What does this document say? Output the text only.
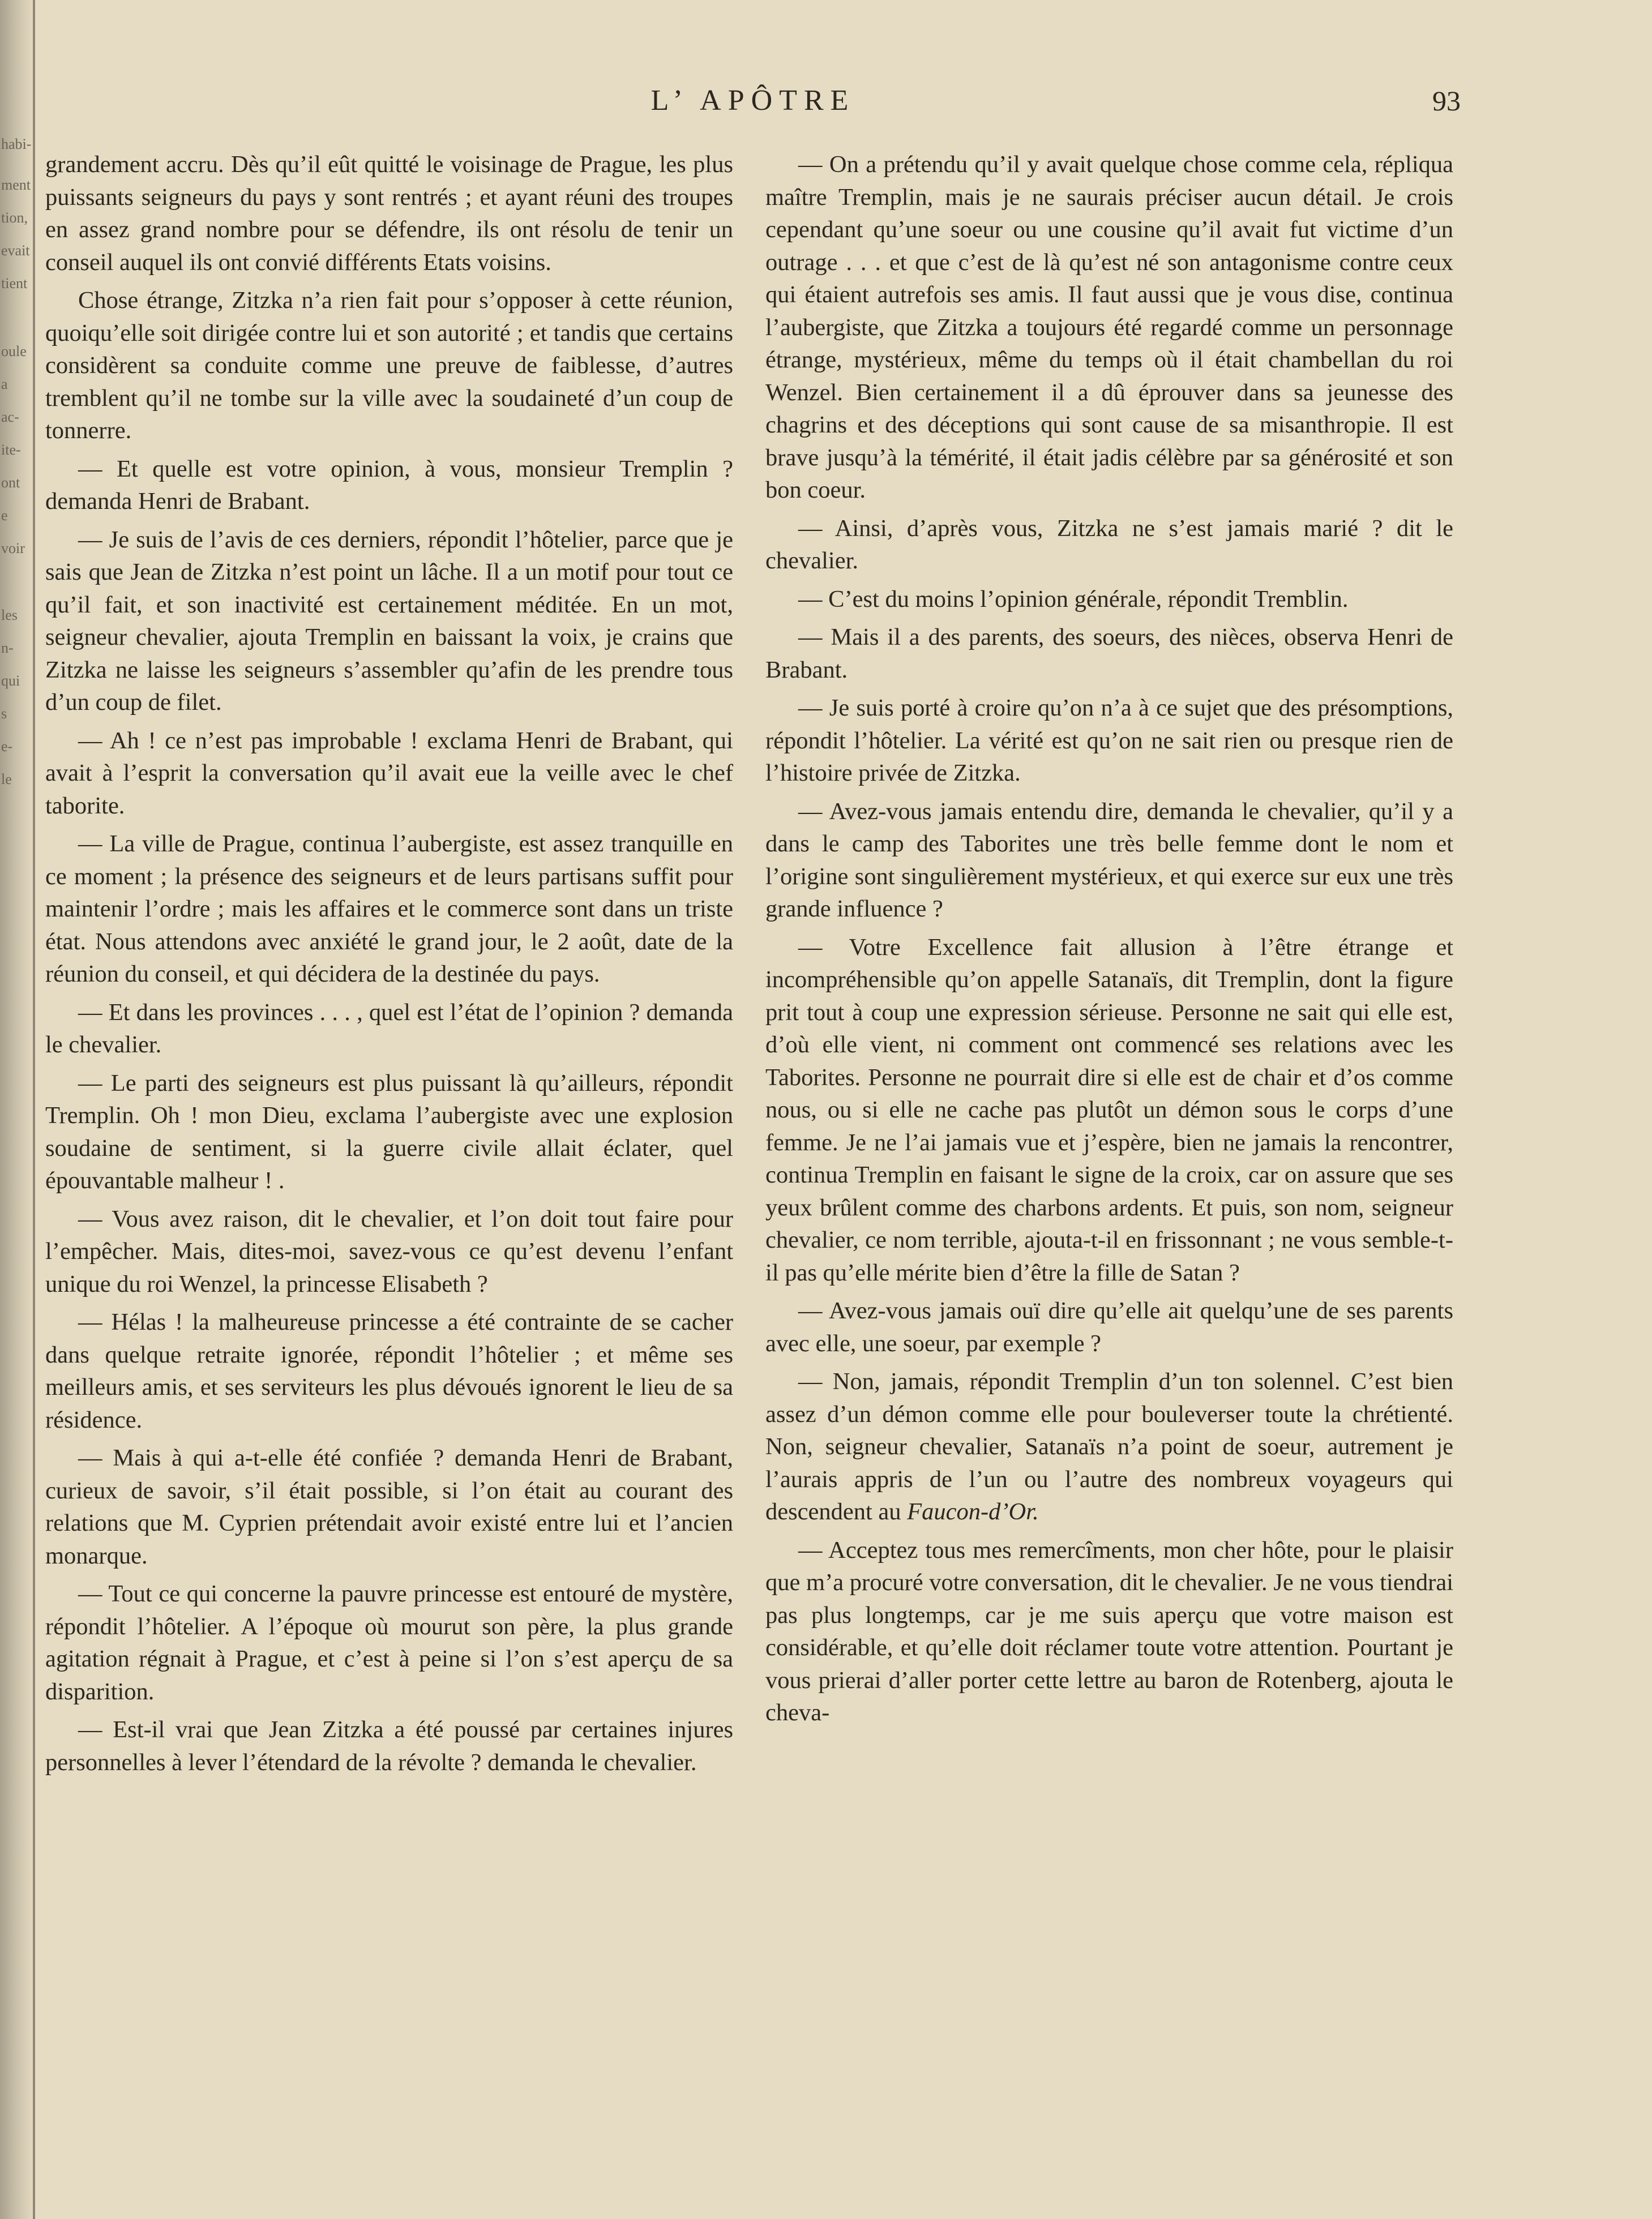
habi-
ment
tion,
evait
tient
oule
a
ac-
ite-
ont
e
voir
les
n-
qui
s
e-
le
L’ APÔTRE	93

grandement accru. Dès qu’il eût quitté le voisinage de Prague, les plus puissants seigneurs du pays y sont rentrés ; et ayant réuni des troupes en assez grand nombre pour se défendre, ils ont résolu de tenir un conseil auquel ils ont convié différents Etats voisins.

Chose étrange, Zitzka n’a rien fait pour s’opposer à cette réunion, quoiqu’elle soit dirigée contre lui et son autorité ; et tandis que certains considèrent sa conduite comme une preuve de faiblesse, d’autres tremblent qu’il ne tombe sur la ville avec la soudaineté d’un coup de tonnerre.

— Et quelle est votre opinion, à vous, monsieur Tremplin ? demanda Henri de Brabant.

— Je suis de l’avis de ces derniers, répondit l’hôtelier, parce que je sais que Jean de Zitzka n’est point un lâche. Il a un motif pour tout ce qu’il fait, et son inactivité est certainement méditée. En un mot, seigneur chevalier, ajouta Tremplin en baissant la voix, je crains que Zitzka ne laisse les seigneurs s’assembler qu’afin de les prendre tous d’un coup de filet.

— Ah ! ce n’est pas improbable ! exclama Henri de Brabant, qui avait à l’esprit la conversation qu’il avait eue la veille avec le chef taborite.

— La ville de Prague, continua l’aubergiste, est assez tranquille en ce moment ; la présence des seigneurs et de leurs partisans suffit pour maintenir l’ordre ; mais les affaires et le commerce sont dans un triste état. Nous attendons avec anxiété le grand jour, le 2 août, date de la réunion du conseil, et qui décidera de la destinée du pays.

— Et dans les provinces . . . , quel est l’état de l’opinion ? demanda le chevalier.

— Le parti des seigneurs est plus puissant là qu’ailleurs, répondit Tremplin. Oh ! mon Dieu, exclama l’aubergiste avec une explosion soudaine de sentiment, si la guerre civile allait éclater, quel épouvantable malheur ! .

— Vous avez raison, dit le chevalier, et l’on doit tout faire pour l’empêcher. Mais, dites-moi, savez-vous ce qu’est devenu l’enfant unique du roi Wenzel, la princesse Elisabeth ?

— Hélas ! la malheureuse princesse a été contrainte de se cacher dans quelque retraite ignorée, répondit l’hôtelier ; et même ses meilleurs amis, et ses serviteurs les plus dévoués ignorent le lieu de sa résidence.

— Mais à qui a-t-elle été confiée ? demanda Henri de Brabant, curieux de savoir, s’il était possible, si l’on était au courant des relations que M. Cyprien prétendait avoir existé entre lui et l’ancien monarque.

— Tout ce qui concerne la pauvre princesse est entouré de mystère, répondit l’hôtelier. A l’époque où mourut son père, la plus grande agitation régnait à Prague, et c’est à peine si l’on s’est aperçu de sa disparition.

— Est-il vrai que Jean Zitzka a été poussé par certaines injures personnelles à lever l’étendard de la révolte ? demanda le chevalier.

— On a prétendu qu’il y avait quelque chose comme cela, répliqua maître Tremplin, mais je ne saurais préciser aucun détail. Je crois cependant qu’une soeur ou une cousine qu’il avait fut victime d’un outrage . . . et que c’est de là qu’est né son antagonisme contre ceux qui étaient autrefois ses amis. Il faut aussi que je vous dise, continua l’aubergiste, que Zitzka a toujours été regardé comme un personnage étrange, mystérieux, même du temps où il était chambellan du roi Wenzel. Bien certainement il a dû éprouver dans sa jeunesse des chagrins et des déceptions qui sont cause de sa misanthropie. Il est brave jusqu’à la témérité, il était jadis célèbre par sa générosité et son bon coeur.

— Ainsi, d’après vous, Zitzka ne s’est jamais marié ? dit le chevalier.

— C’est du moins l’opinion générale, répondit Tremblin.

— Mais il a des parents, des soeurs, des nièces, observa Henri de Brabant.

— Je suis porté à croire qu’on n’a à ce sujet que des présomptions, répondit l’hôtelier. La vérité est qu’on ne sait rien ou presque rien de l’histoire privée de Zitzka.

— Avez-vous jamais entendu dire, demanda le chevalier, qu’il y a dans le camp des Taborites une très belle femme dont le nom et l’origine sont singulièrement mystérieux, et qui exerce sur eux une très grande influence ?

— Votre Excellence fait allusion à l’être étrange et incompréhensible qu’on appelle Satanaïs, dit Tremplin, dont la figure prit tout à coup une expression sérieuse. Personne ne sait qui elle est, d’où elle vient, ni comment ont commencé ses relations avec les Taborites. Personne ne pourrait dire si elle est de chair et d’os comme nous, ou si elle ne cache pas plutôt un démon sous le corps d’une femme. Je ne l’ai jamais vue et j’espère, bien ne jamais la rencontrer, continua Tremplin en faisant le signe de la croix, car on assure que ses yeux brûlent comme des charbons ardents. Et puis, son nom, seigneur chevalier, ce nom terrible, ajouta-t-il en frissonnant ; ne vous semble-t-il pas qu’elle mérite bien d’être la fille de Satan ?

— Avez-vous jamais ouï dire qu’elle ait quelqu’une de ses parents avec elle, une soeur, par exemple ?

— Non, jamais, répondit Tremplin d’un ton solennel. C’est bien assez d’un démon comme elle pour bouleverser toute la chrétienté. Non, seigneur chevalier, Satanaïs n’a point de soeur, autrement je l’aurais appris de l’un ou l’autre des nombreux voyageurs qui descendent au Faucon-d’Or.

— Acceptez tous mes remercîments, mon cher hôte, pour le plaisir que m’a procuré votre conversation, dit le chevalier. Je ne vous tiendrai pas plus longtemps, car je me suis aperçu que votre maison est considérable, et qu’elle doit réclamer toute votre attention. Pourtant je vous prierai d’aller porter cette lettre au baron de Rotenberg, ajouta le cheva-
